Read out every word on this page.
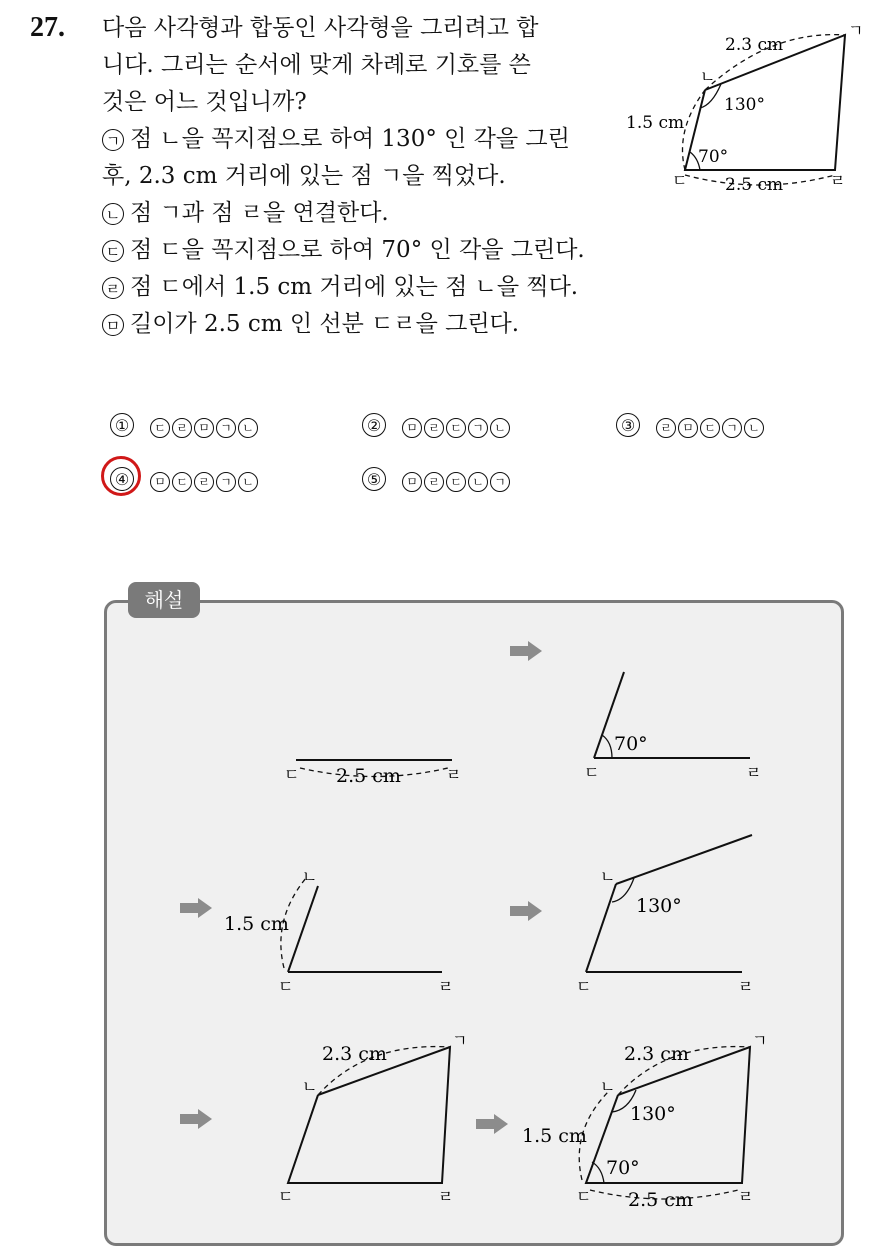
27. 다음 사각형과 합동인 사각형을 그리려고 합
니다. 그리는 순서에 맞게 차례로 기호를 쓴
것은 어느 것입니까?
ㄱ 점 ㄴ을 꼭지점으로 하여 130° 인 각을 그린
후, 2.3 cm 거리에 있는 점 ㄱ을 찍었다.
ㄴ 점 ㄱ과 점 ㄹ을 연결한다.
ㄷ 점 ㄷ을 꼭지점으로 하여 70° 인 각을 그린다.
ㄹ 점 ㄷ에서 1.5 cm 거리에 있는 점 ㄴ을 찍다.
ㅁ 길이가 2.5 cm 인 선분 ㄷㄹ을 그린다.
ㄱ
ㄴ
ㄷ	ㄹ
2.3 cm
1.5 cm
2.5 cm
130°
70°
① ㄷ ㄹ ㅁ ㄱ ㄴ	② ㅁ ㄹ ㄷ ㄱ ㄴ	③ ㄹ ㅁ ㄷ ㄱ ㄴ
④ ㅁ ㄷ ㄹ ㄱ ㄴ	⑤ ㅁ ㄹ ㄷ ㄴ ㄱ
해설
ㄷ	ㄹ
2.5 cm	ㄷ	ㄹ
70°
ㄴ
ㄷ	ㄹ
1.5 cm
ㄴ
ㄷ	ㄹ
130°
ㄱ
ㄴ
ㄷ	ㄹ
2.3 cm
ㄱ
ㄴ
ㄷ	ㄹ
2.3 cm
1.5 cm
2.5 cm
130°
70°
